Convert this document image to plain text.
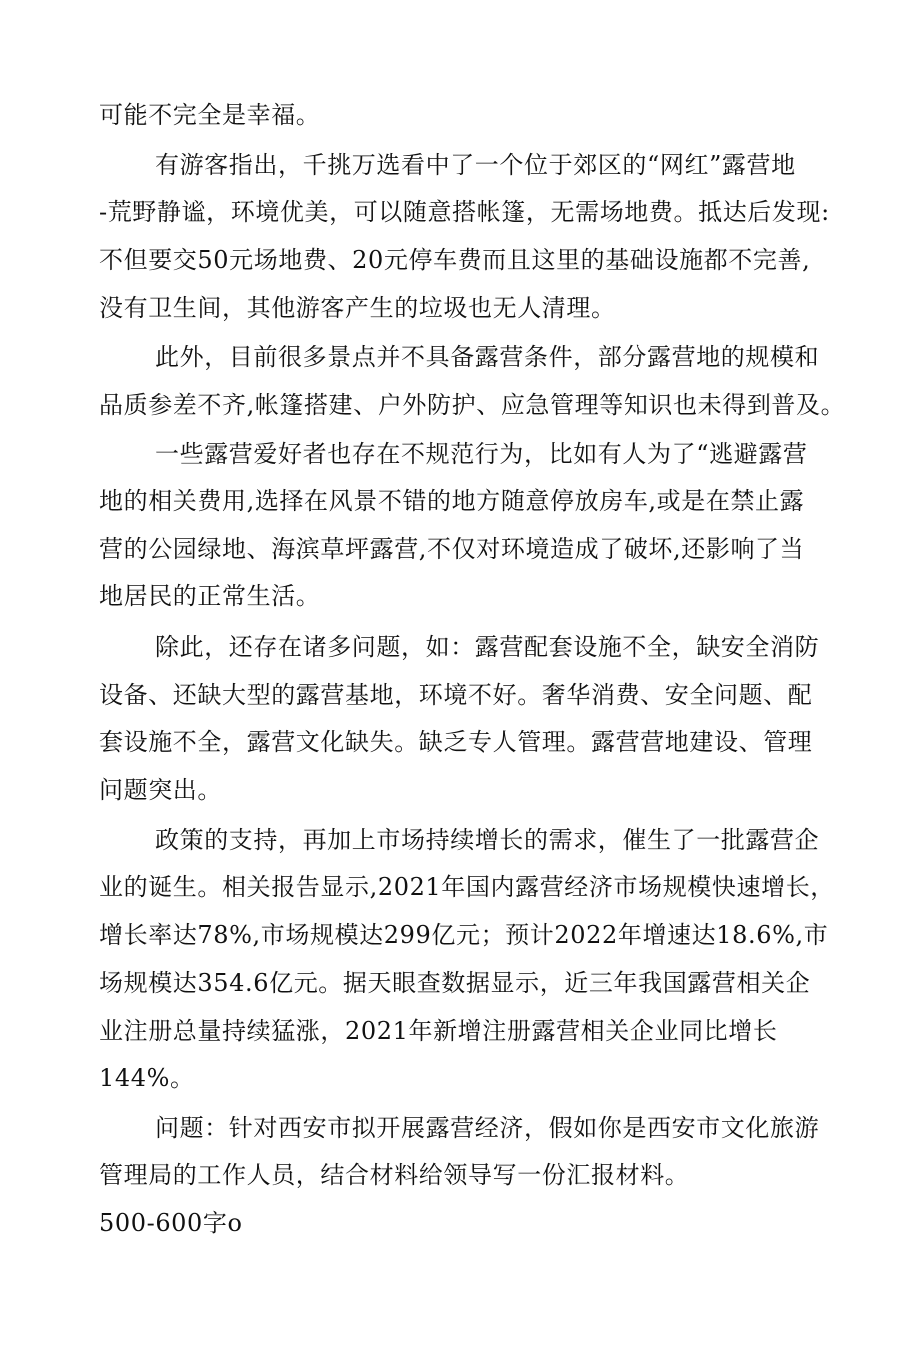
可能不完全是幸福。
有游客指出，千挑万选看中了一个位于郊区的“网红”露营地
-荒野静谧，环境优美，可以随意搭帐篷，无需场地费。抵达后发现:
不但要交50元场地费、20元停车费而且这里的基础设施都不完善,
没有卫生间，其他游客产生的垃圾也无人清理。
此外，目前很多景点并不具备露营条件，部分露营地的规模和
品质参差不齐,帐篷搭建、户外防护、应急管理等知识也未得到普及。
一些露营爱好者也存在不规范行为，比如有人为了“逃避露营
地的相关费用,选择在风景不错的地方随意停放房车,或是在禁止露
营的公园绿地、海滨草坪露营,不仅对环境造成了破坏,还影响了当
地居民的正常生活。
除此，还存在诸多问题，如：露营配套设施不全，缺安全消防
设备、还缺大型的露营基地，环境不好。奢华消费、安全问题、配
套设施不全，露营文化缺失。缺乏专人管理。露营营地建设、管理
问题突出。
政策的支持，再加上市场持续增长的需求，催生了一批露营企
业的诞生。相关报告显示,2021年国内露营经济市场规模快速增长，
增长率达78%,市场规模达299亿元；预计2022年增速达18.6%,市
场规模达354.6亿元。据天眼查数据显示，近三年我国露营相关企
业注册总量持续猛涨，2021年新增注册露营相关企业同比增长
144%。
问题：针对西安市拟开展露营经济，假如你是西安市文化旅游
管理局的工作人员，结合材料给领导写一份汇报材料。
500-600字o
